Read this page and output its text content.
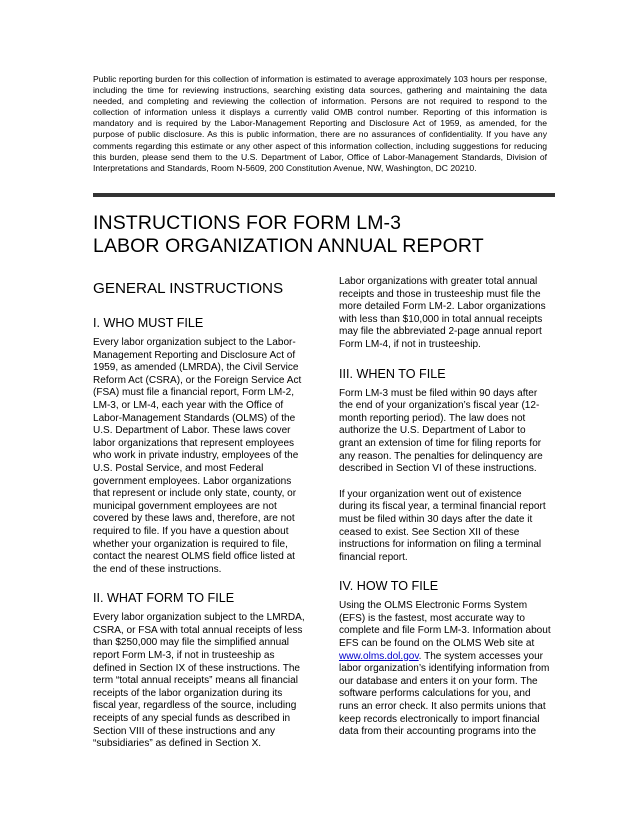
Public reporting burden for this collection of information is estimated to average approximately 103 hours per response, including the time for reviewing instructions, searching existing data sources, gathering and maintaining the data needed, and completing and reviewing the collection of information. Persons are not required to respond to the collection of information unless it displays a currently valid OMB control number. Reporting of this information is mandatory and is required by the Labor-Management Reporting and Disclosure Act of 1959, as amended, for the purpose of public disclosure. As this is public information, there are no assurances of confidentiality. If you have any comments regarding this estimate or any other aspect of this information collection, including suggestions for reducing this burden, please send them to the U.S. Department of Labor, Office of Labor-Management Standards, Division of Interpretations and Standards, Room N-5609, 200 Constitution Avenue, NW, Washington, DC 20210.
INSTRUCTIONS FOR FORM LM-3
LABOR ORGANIZATION ANNUAL REPORT
GENERAL INSTRUCTIONS
I. WHO MUST FILE

Every labor organization subject to the Labor-Management Reporting and Disclosure Act of 1959, as amended (LMRDA), the Civil Service Reform Act (CSRA), or the Foreign Service Act (FSA) must file a financial report, Form LM-2, LM-3, or LM-4, each year with the Office of Labor-Management Standards (OLMS) of the U.S. Department of Labor. These laws cover labor organizations that represent employees who work in private industry, employees of the U.S. Postal Service, and most Federal government employees. Labor organizations that represent or include only state, county, or municipal government employees are not covered by these laws and, therefore, are not required to file. If you have a question about whether your organization is required to file, contact the nearest OLMS field office listed at the end of these instructions.

II. WHAT FORM TO FILE

Every labor organization subject to the LMRDA, CSRA, or FSA with total annual receipts of less than $250,000 may file the simplified annual report Form LM-3, if not in trusteeship as defined in Section IX of these instructions. The term “total annual receipts” means all financial receipts of the labor organization during its fiscal year, regardless of the source, including receipts of any special funds as described in Section VIII of these instructions and any “subsidiaries” as defined in Section X.

Labor organizations with greater total annual receipts and those in trusteeship must file the more detailed Form LM-2. Labor organizations with less than $10,000 in total annual receipts may file the abbreviated 2-page annual report Form LM-4, if not in trusteeship.

III. WHEN TO FILE

Form LM-3 must be filed within 90 days after the end of your organization’s fiscal year (12-month reporting period). The law does not authorize the U.S. Department of Labor to grant an extension of time for filing reports for any reason. The penalties for delinquency are described in Section VI of these instructions.

If your organization went out of existence during its fiscal year, a terminal financial report must be filed within 30 days after the date it ceased to exist. See Section XII of these instructions for information on filing a terminal financial report.

IV. HOW TO FILE

Using the OLMS Electronic Forms System (EFS) is the fastest, most accurate way to complete and file Form LM-3. Information about EFS can be found on the OLMS Web site at www.olms.dol.gov. The system accesses your labor organization’s identifying information from our database and enters it on your form. The software performs calculations for you, and runs an error check. It also permits unions that keep records electronically to import financial data from their accounting programs into the
